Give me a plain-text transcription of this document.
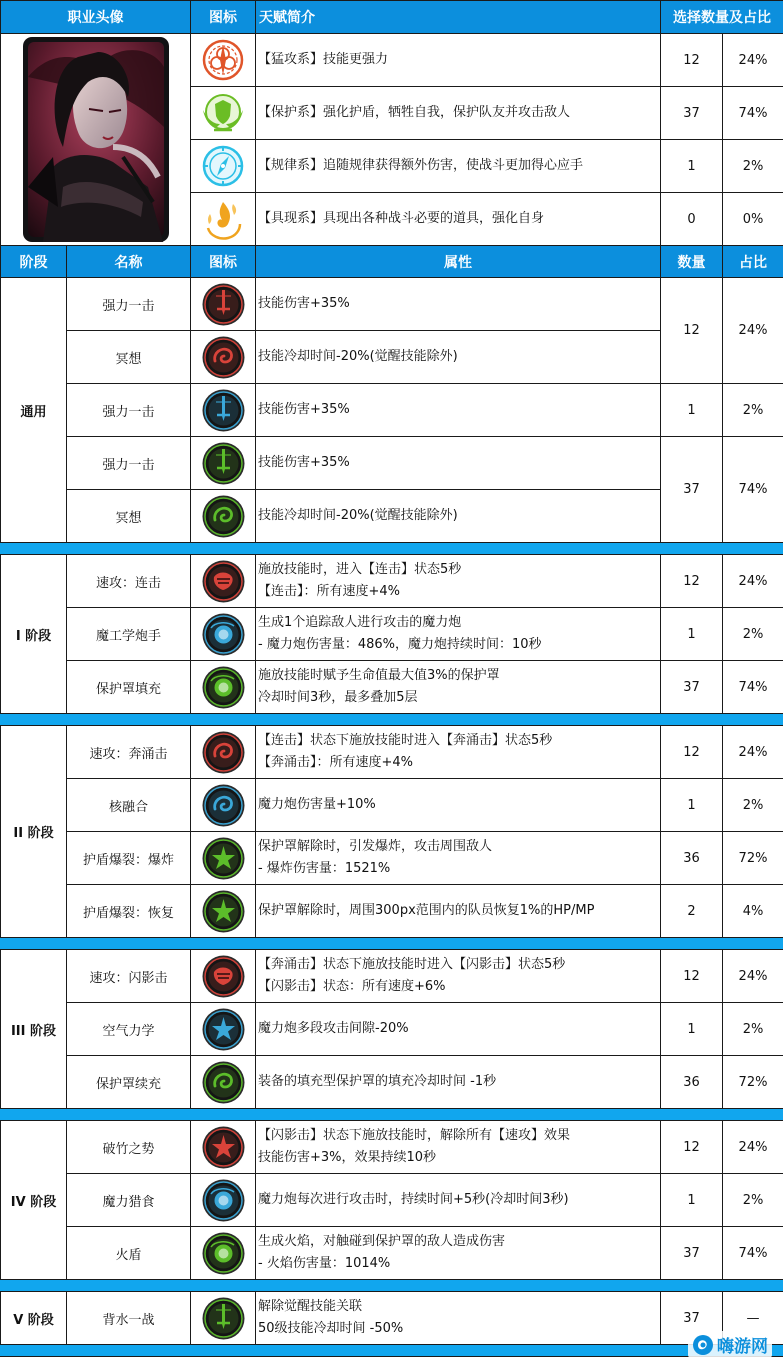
职业头像		图标	天赋简介	选择数量及占比	

	【猛攻系】技能更强力	12	24%

	【保护系】强化护盾，牺牲自我，保护队友并攻击敌人	37	74%

	【规律系】追随规律获得额外伤害，使战斗更加得心应手	1	2%

	【具现系】具现出各种战斗必要的道具，强化自身	0	0%
阶段	名称	图标	属性	数量	占比
通用	强力一击		技能伤害+35%	12	24%
	冥想		技能冷却时间-20%(觉醒技能除外)		
	强力一击		技能伤害+35%	1	2%
	强力一击		技能伤害+35%	37	74%
	冥想		技能冷却时间-20%(觉醒技能除外)		

I 阶段	速攻：连击		施放技能时，进入【连击】状态5秒
【连击】：所有速度+4%	12	24%
	魔工学炮手		生成1个追踪敌人进行攻击的魔力炮
- 魔力炮伤害量：486%，魔力炮持续时间：10秒	1	2%
	保护罩填充		施放技能时赋予生命值最大值3%的保护罩
冷却时间3秒，最多叠加5层	37	74%

II 阶段	速攻：奔涌击		【连击】状态下施放技能时进入【奔涌击】状态5秒
【奔涌击】：所有速度+4%	12	24%
	核融合		魔力炮伤害量+10%	1	2%
	护盾爆裂：爆炸		保护罩解除时，引发爆炸，攻击周围敌人
- 爆炸伤害量：1521%	36	72%
	护盾爆裂：恢复		保护罩解除时，周围300px范围内的队员恢复1%的HP/MP	2	4%

III 阶段	速攻：闪影击		【奔涌击】状态下施放技能时进入【闪影击】状态5秒
【闪影击】状态：所有速度+6%	12	24%
	空气力学		魔力炮多段攻击间隙-20%	1	2%
	保护罩续充		装备的填充型保护罩的填充冷却时间 -1秒	36	72%

IV 阶段	破竹之势		【闪影击】状态下施放技能时，解除所有【速攻】效果
技能伤害+3%，效果持续10秒	12	24%
	魔力猎食		魔力炮每次进行攻击时，持续时间+5秒(冷却时间3秒)	1	2%
	火盾		生成火焰，对触碰到保护罩的敌人造成伤害
- 火焰伤害量：1014%	37	74%

V 阶段	背水一战		解除觉醒技能关联
50级技能冷却时间 -50%	37	—

嗨游网
